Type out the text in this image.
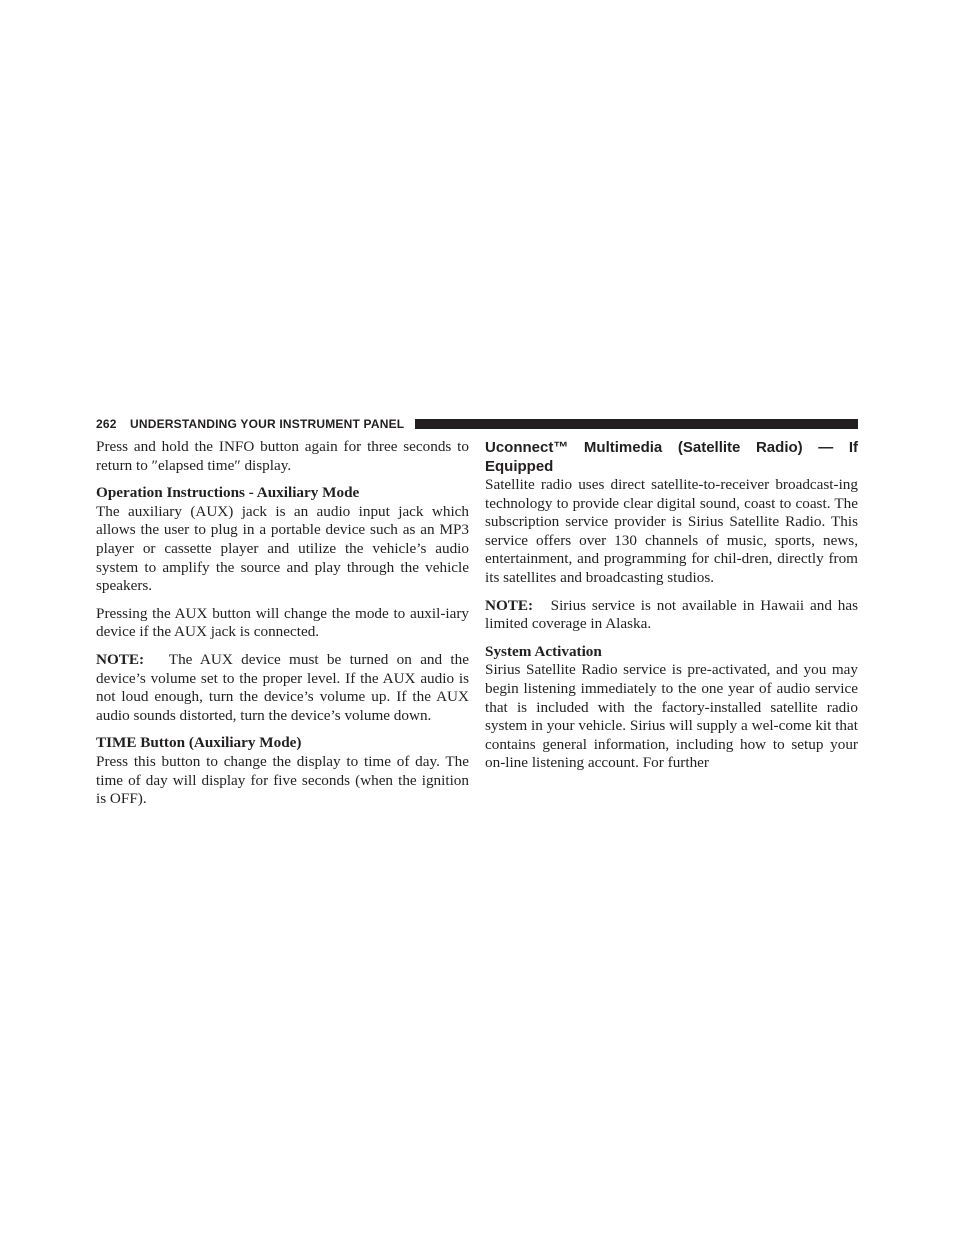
262 UNDERSTANDING YOUR INSTRUMENT PANEL

Press and hold the INFO button again for three seconds to return to ″elapsed time″ display.

Operation Instructions - Auxiliary Mode

The auxiliary (AUX) jack is an audio input jack which allows the user to plug in a portable device such as an MP3 player or cassette player and utilize the vehicle’s audio system to amplify the source and play through the vehicle speakers.

Pressing the AUX button will change the mode to auxil-iary device if the AUX jack is connected.

NOTE: The AUX device must be turned on and the device’s volume set to the proper level. If the AUX audio is not loud enough, turn the device’s volume up. If the AUX audio sounds distorted, turn the device’s volume down.

TIME Button (Auxiliary Mode)

Press this button to change the display to time of day. The time of day will display for five seconds (when the ignition is OFF).

Uconnect™ Multimedia (Satellite Radio) — If Equipped

Satellite radio uses direct satellite-to-receiver broadcast-ing technology to provide clear digital sound, coast to coast. The subscription service provider is Sirius Satellite Radio. This service offers over 130 channels of music, sports, news, entertainment, and programming for chil-dren, directly from its satellites and broadcasting studios.

NOTE: Sirius service is not available in Hawaii and has limited coverage in Alaska.

System Activation

Sirius Satellite Radio service is pre-activated, and you may begin listening immediately to the one year of audio service that is included with the factory-installed satellite radio system in your vehicle. Sirius will supply a wel-come kit that contains general information, including how to setup your on-line listening account. For further
